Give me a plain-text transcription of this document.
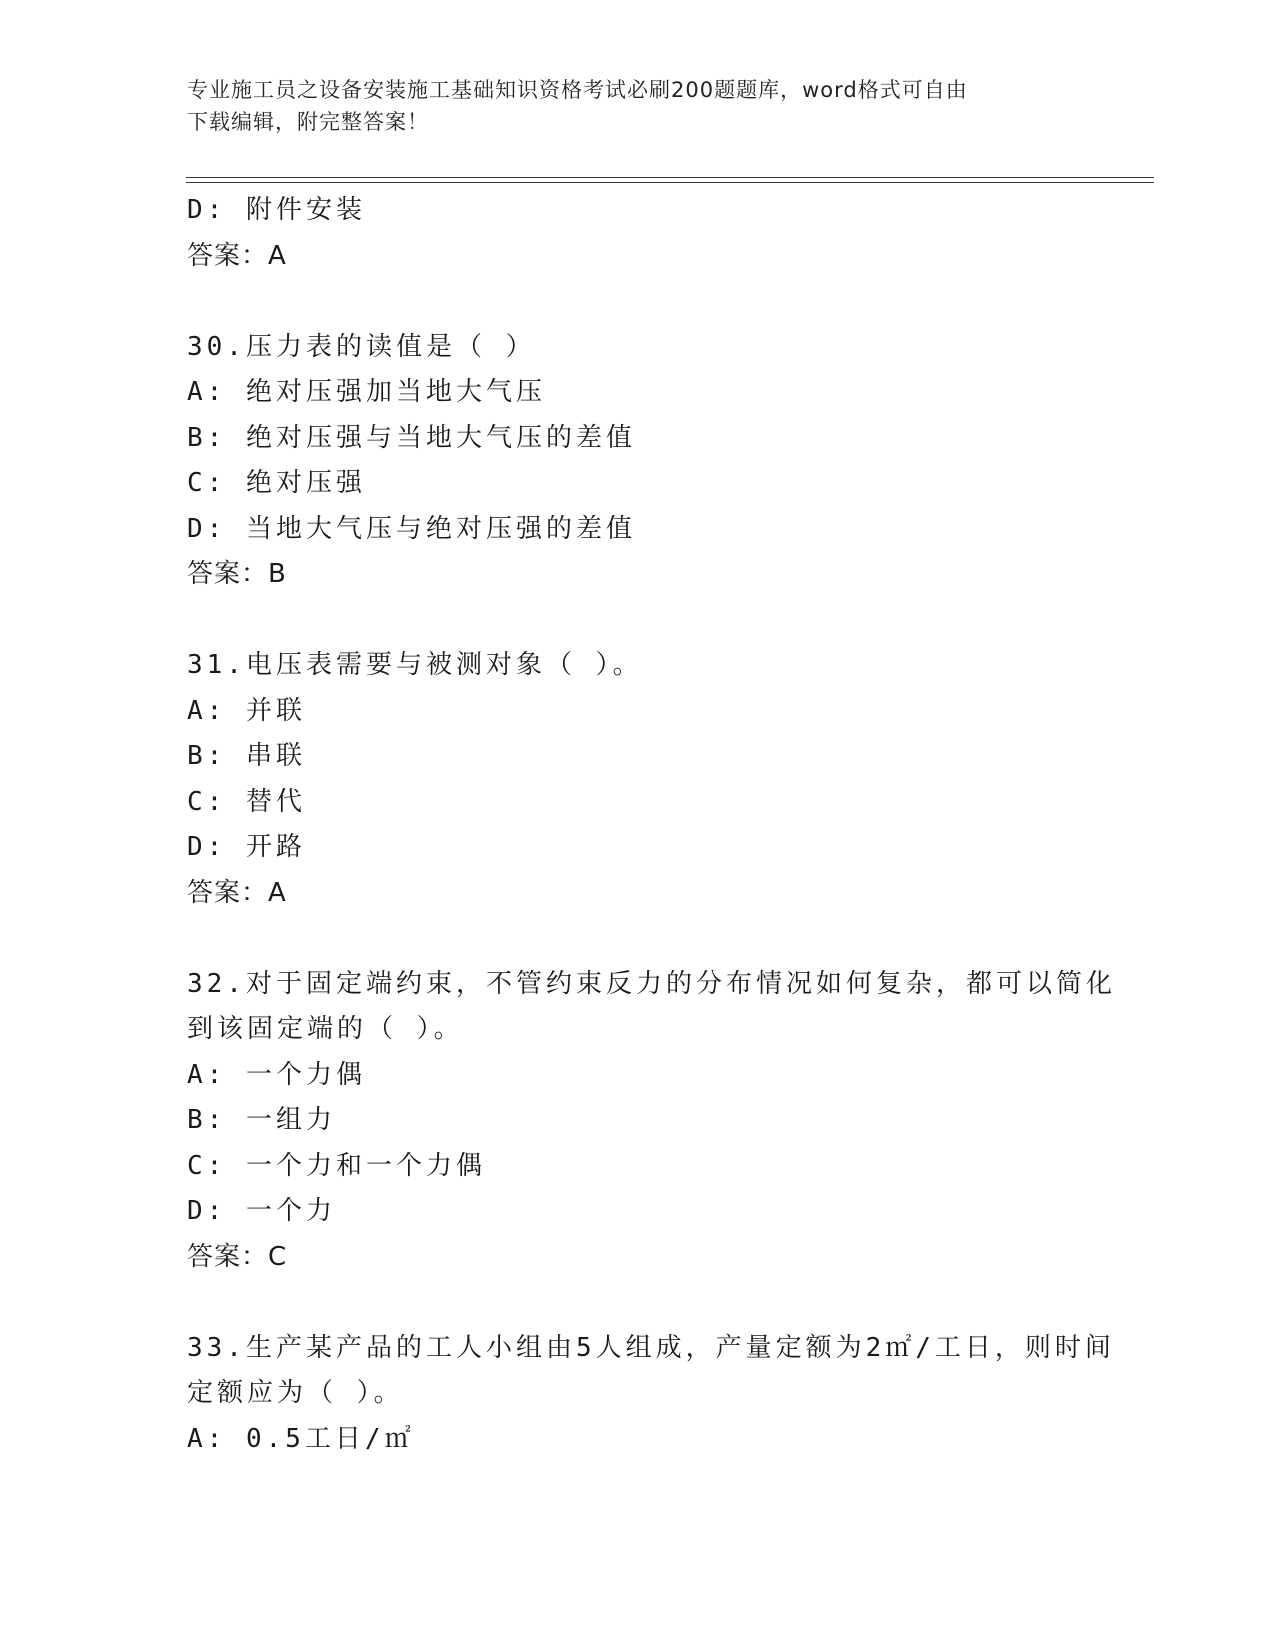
专业施工员之设备安装施工基础知识资格考试必刷200题题库，word格式可自由
下载编辑，附完整答案！
D: 附件安装
答案：A
30.压力表的读值是（ ）
A: 绝对压强加当地大气压
B: 绝对压强与当地大气压的差值
C: 绝对压强
D: 当地大气压与绝对压强的差值
答案：B
31.电压表需要与被测对象（ ）。
A: 并联
B: 串联
C: 替代
D: 开路
答案：A
32.对于固定端约束，不管约束反力的分布情况如何复杂，都可以简化
到该固定端的（ ）。
A: 一个力偶
B: 一组力
C: 一个力和一个力偶
D: 一个力
答案：C
33.生产某产品的工人小组由5人组成，产量定额为2㎡/工日，则时间
定额应为（ ）。
A: 0.5工日/㎡
